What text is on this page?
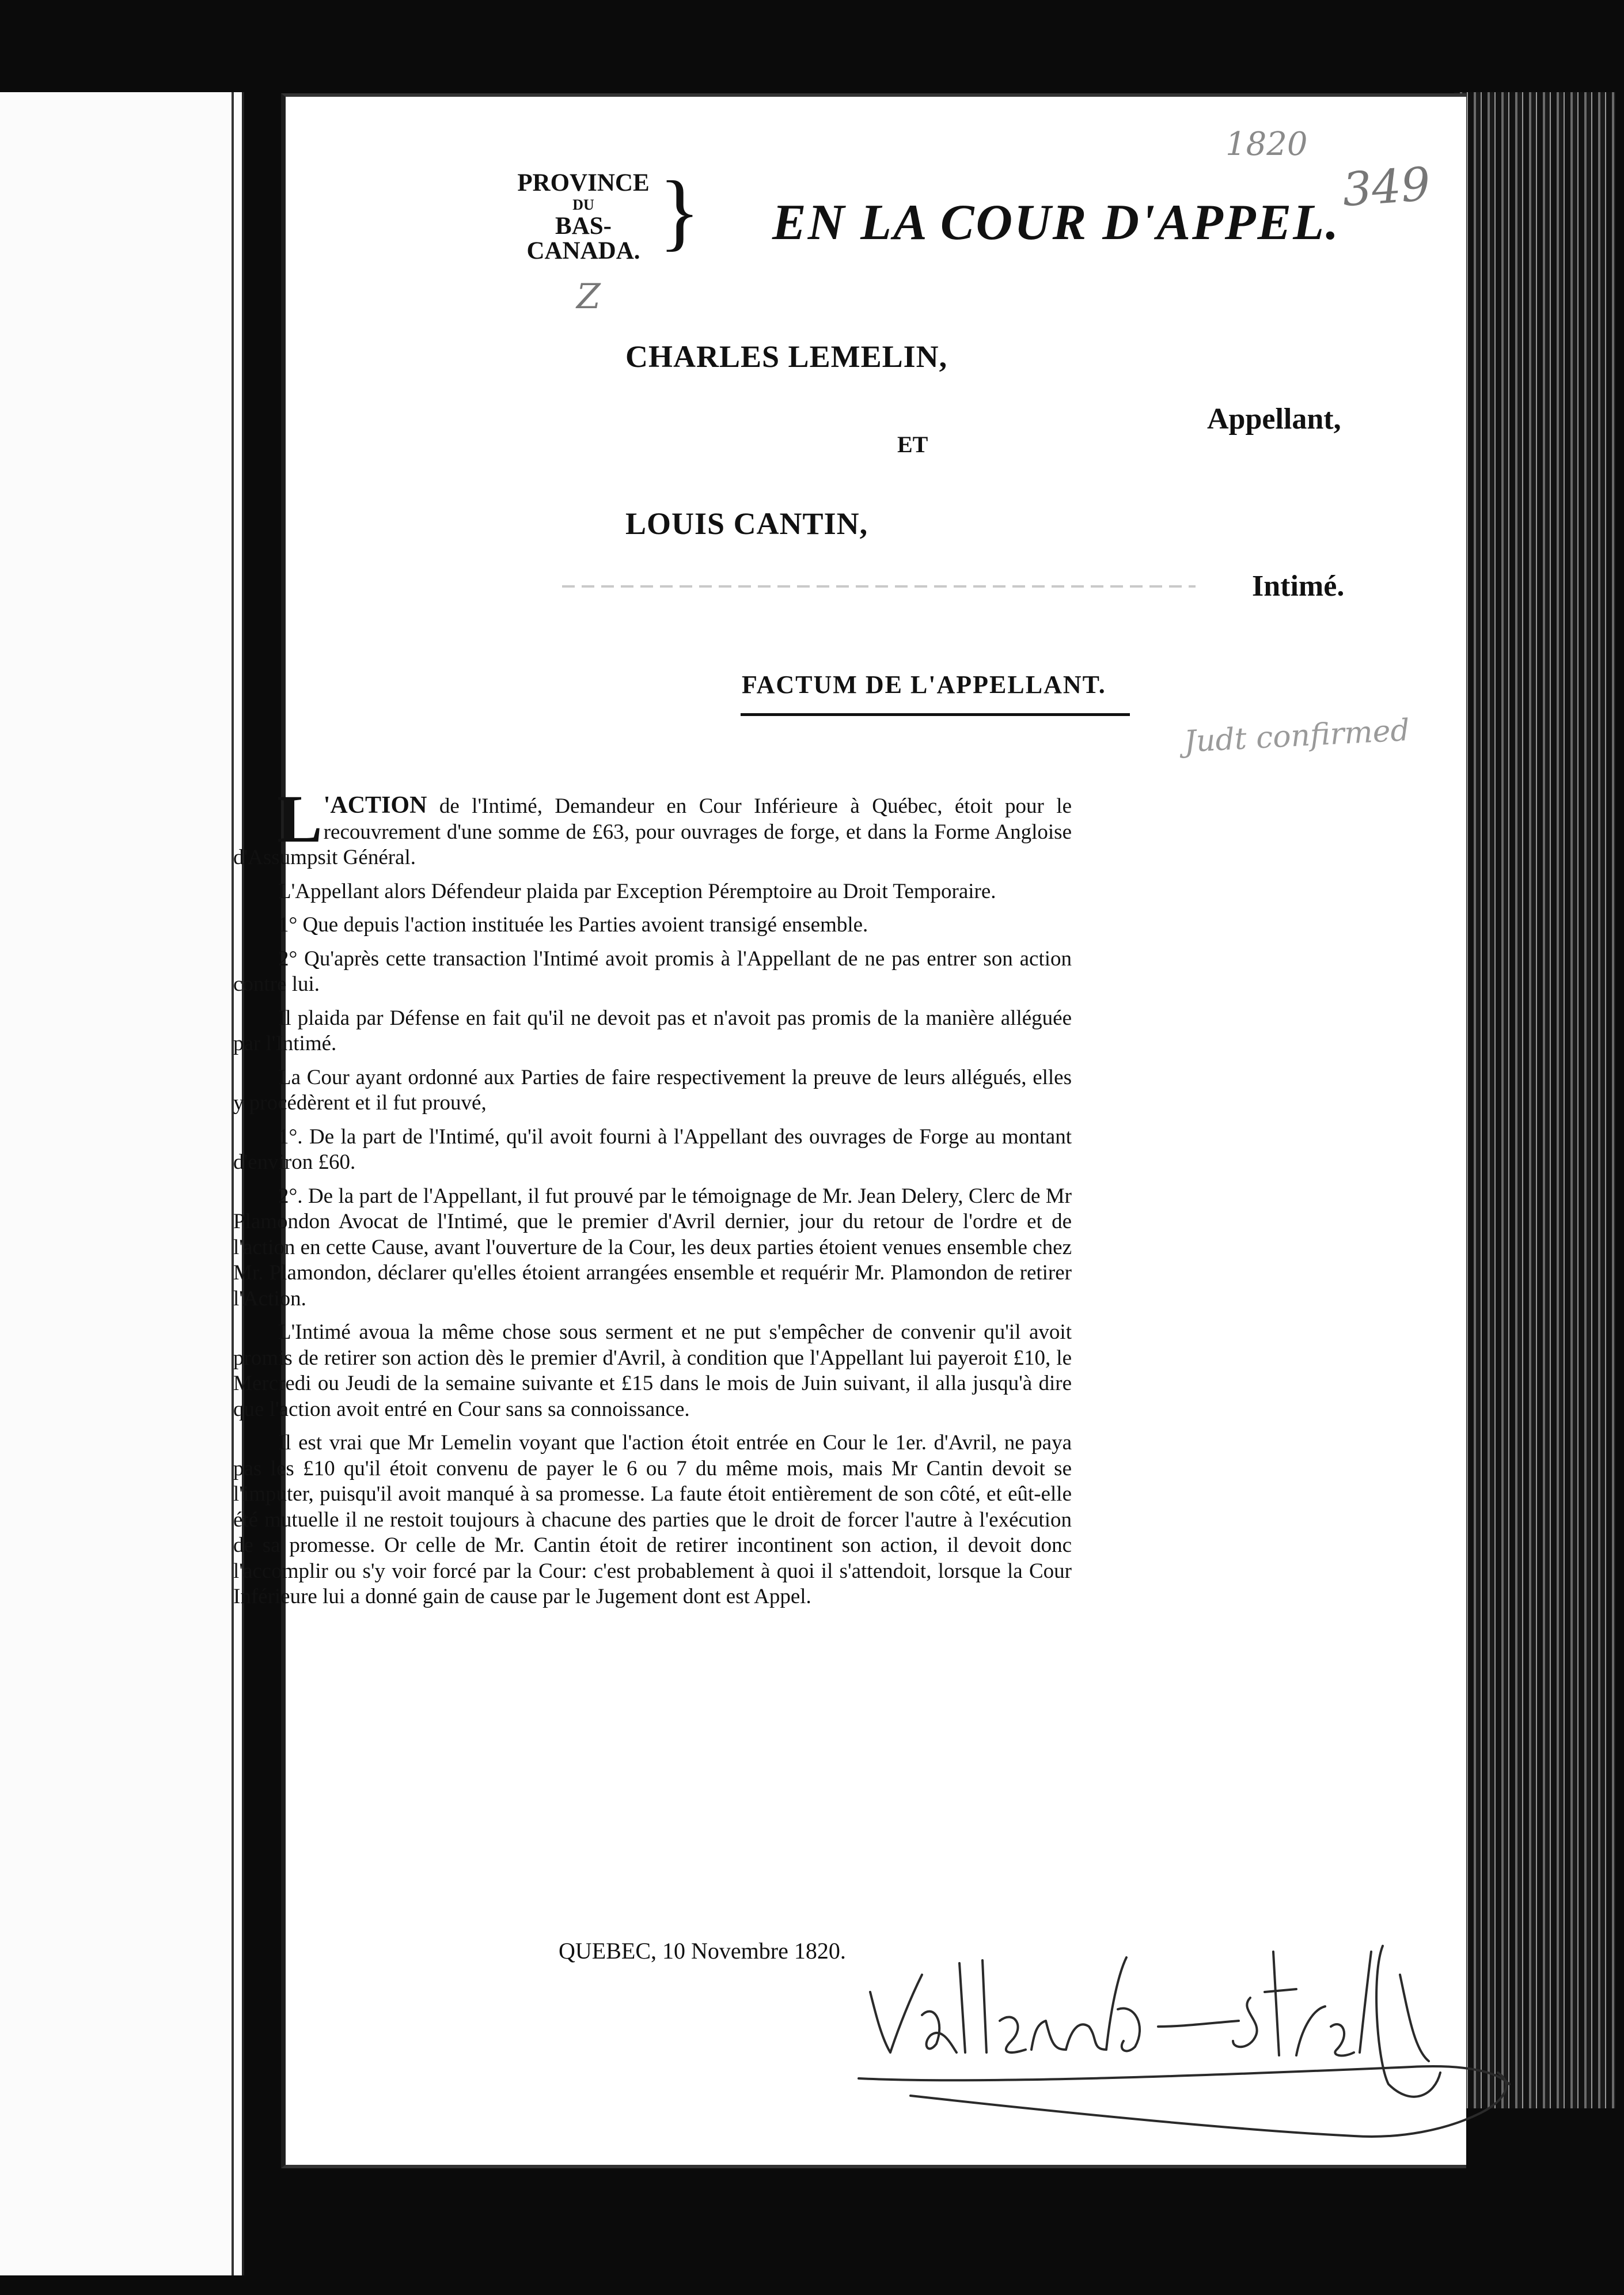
1820
349
Z
PROVINCE
DU
BAS-CANADA. } EN LA COUR D'APPEL.
CHARLES LEMELIN,
Appellant,
ET
LOUIS CANTIN,
Intimé.
FACTUM DE L'APPELLANT.
Judt confirmed
QUEBEC, 10 Novembre 1820.

L 'ACTION de l'Intimé, Demandeur en Cour Inférieure à Québec, étoit pour le recouvrement d'une somme de £63, pour ouvrages de forge, et dans la Forme Angloise d'Assumpsit Général.

L'Appellant alors Défendeur plaida par Exception Péremptoire au Droit Temporaire.

1° Que depuis l'action instituée les Parties avoient transigé ensemble.

2° Qu'après cette transaction l'Intimé avoit promis à l'Appellant de ne pas entrer son action contre lui.

Il plaida par Défense en fait qu'il ne devoit pas et n'avoit pas promis de la manière alléguée par l'Intimé.

La Cour ayant ordonné aux Parties de faire respectivement la preuve de leurs allégués, elles y procédèrent et il fut prouvé,

1°. De la part de l'Intimé, qu'il avoit fourni à l'Appellant des ouvrages de Forge au montant d'environ £60.

2°. De la part de l'Appellant, il fut prouvé par le témoignage de Mr. Jean Delery, Clerc de Mr Plamondon Avocat de l'Intimé, que le premier d'Avril dernier, jour du retour de l'ordre et de l'action en cette Cause, avant l'ouverture de la Cour, les deux parties étoient venues ensemble chez Mr. Plamondon, déclarer qu'elles étoient arrangées ensemble et requérir Mr. Plamondon de retirer l'Action.

L'Intimé avoua la même chose sous serment et ne put s'empêcher de convenir qu'il avoit promis de retirer son action dès le premier d'Avril, à condition que l'Appellant lui payeroit £10, le Mercredi ou Jeudi de la semaine suivante et £15 dans le mois de Juin suivant, il alla jusqu'à dire que l'action avoit entré en Cour sans sa connoissance.

Il est vrai que Mr Lemelin voyant que l'action étoit entrée en Cour le 1er. d'Avril, ne paya pas les £10 qu'il étoit convenu de payer le 6 ou 7 du même mois, mais Mr Cantin devoit se l'imputer, puisqu'il avoit manqué à sa promesse. La faute étoit entièrement de son côté, et eût-elle été mutuelle il ne restoit toujours à chacune des parties que le droit de forcer l'autre à l'exécution de sa promesse. Or celle de Mr. Cantin étoit de retirer incontinent son action, il devoit donc l'accomplir ou s'y voir forcé par la Cour: c'est probablement à quoi il s'attendoit, lorsque la Cour Inférieure lui a donné gain de cause par le Jugement dont est Appel.
